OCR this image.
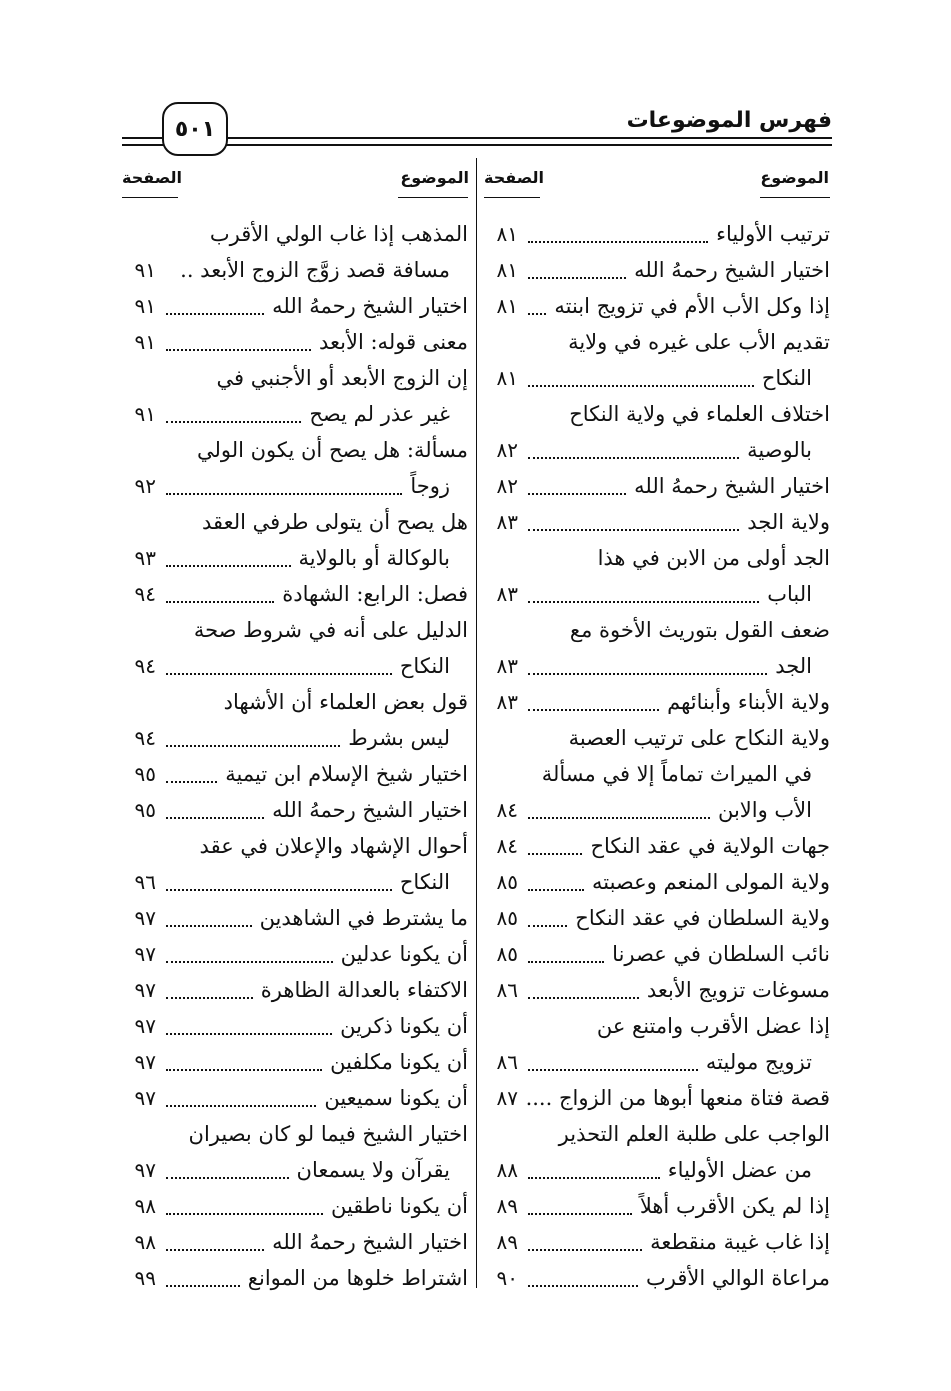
فهرس الموضوعات
٥٠١
الموضوع
الصفحة
الموضوع
الصفحة
ترتيب الأولياء
٨١
اختيار الشيخ رحمهُ الله
٨١
إذا وكل الأب الأم في تزويج ابنته
٨١
تقديم الأب على غيره في ولاية
النكاح
٨١
اختلاف العلماء في ولاية النكاح
بالوصية
٨٢
اختيار الشيخ رحمهُ الله
٨٢
ولاية الجد
٨٣
الجد أولى من الابن في هذا
الباب
٨٣
ضعف القول بتوريث الأخوة مع
الجد
٨٣
ولاية الأبناء وأبنائهم
٨٣
ولاية النكاح على ترتيب العصبة
في الميراث تماماً إلا في مسألة
الأب والابن
٨٤
جهات الولاية في عقد النكاح
٨٤
ولاية المولى المنعم وعصبته
٨٥
ولاية السلطان في عقد النكاح
٨٥
نائب السلطان في عصرنا
٨٥
مسوغات تزويج الأبعد
٨٦
إذا عضل الأقرب وامتنع عن
تزويج موليته
٨٦
قصة فتاة منعها أبوها من الزواج ....
٨٧
الواجب على طلبة العلم التحذير
من عضل الأولياء
٨٨
إذا لم يكن الأقرب أهلاً
٨٩
إذا غاب غيبة منقطعة
٨٩
مراعاة الوالي الأقرب
٩٠
المذهب إذا غاب الولي الأقرب
مسافة قصد زوَّج الزوج الأبعد ..
٩١
اختيار الشيخ رحمهُ الله
٩١
معنى قوله: الأبعد
٩١
إن الزوج الأبعد أو الأجنبي في
غير عذر لم يصح
٩١
مسألة: هل يصح أن يكون الولي
زوجاً
٩٢
هل يصح أن يتولى طرفي العقد
بالوكالة أو بالولاية
٩٣
فصل: الرابع: الشهادة
٩٤
الدليل على أنه في شروط صحة
النكاح
٩٤
قول بعض العلماء أن الأشهاد
ليس بشرط
٩٤
اختيار شيخ الإسلام ابن تيمية
٩٥
اختيار الشيخ رحمهُ الله
٩٥
أحوال الإشهاد والإعلان في عقد
النكاح
٩٦
ما يشترط في الشاهدين
٩٧
أن يكونا عدلين
٩٧
الاكتفاء بالعدالة الظاهرة
٩٧
أن يكونا ذكرين
٩٧
أن يكونا مكلفين
٩٧
أن يكونا سميعين
٩٧
اختيار الشيخ فيما لو كان بصيران
يقرآن ولا يسمعان
٩٧
أن يكونا ناطقين
٩٨
اختيار الشيخ رحمهُ الله
٩٨
اشتراط خلوها من الموانع
٩٩
